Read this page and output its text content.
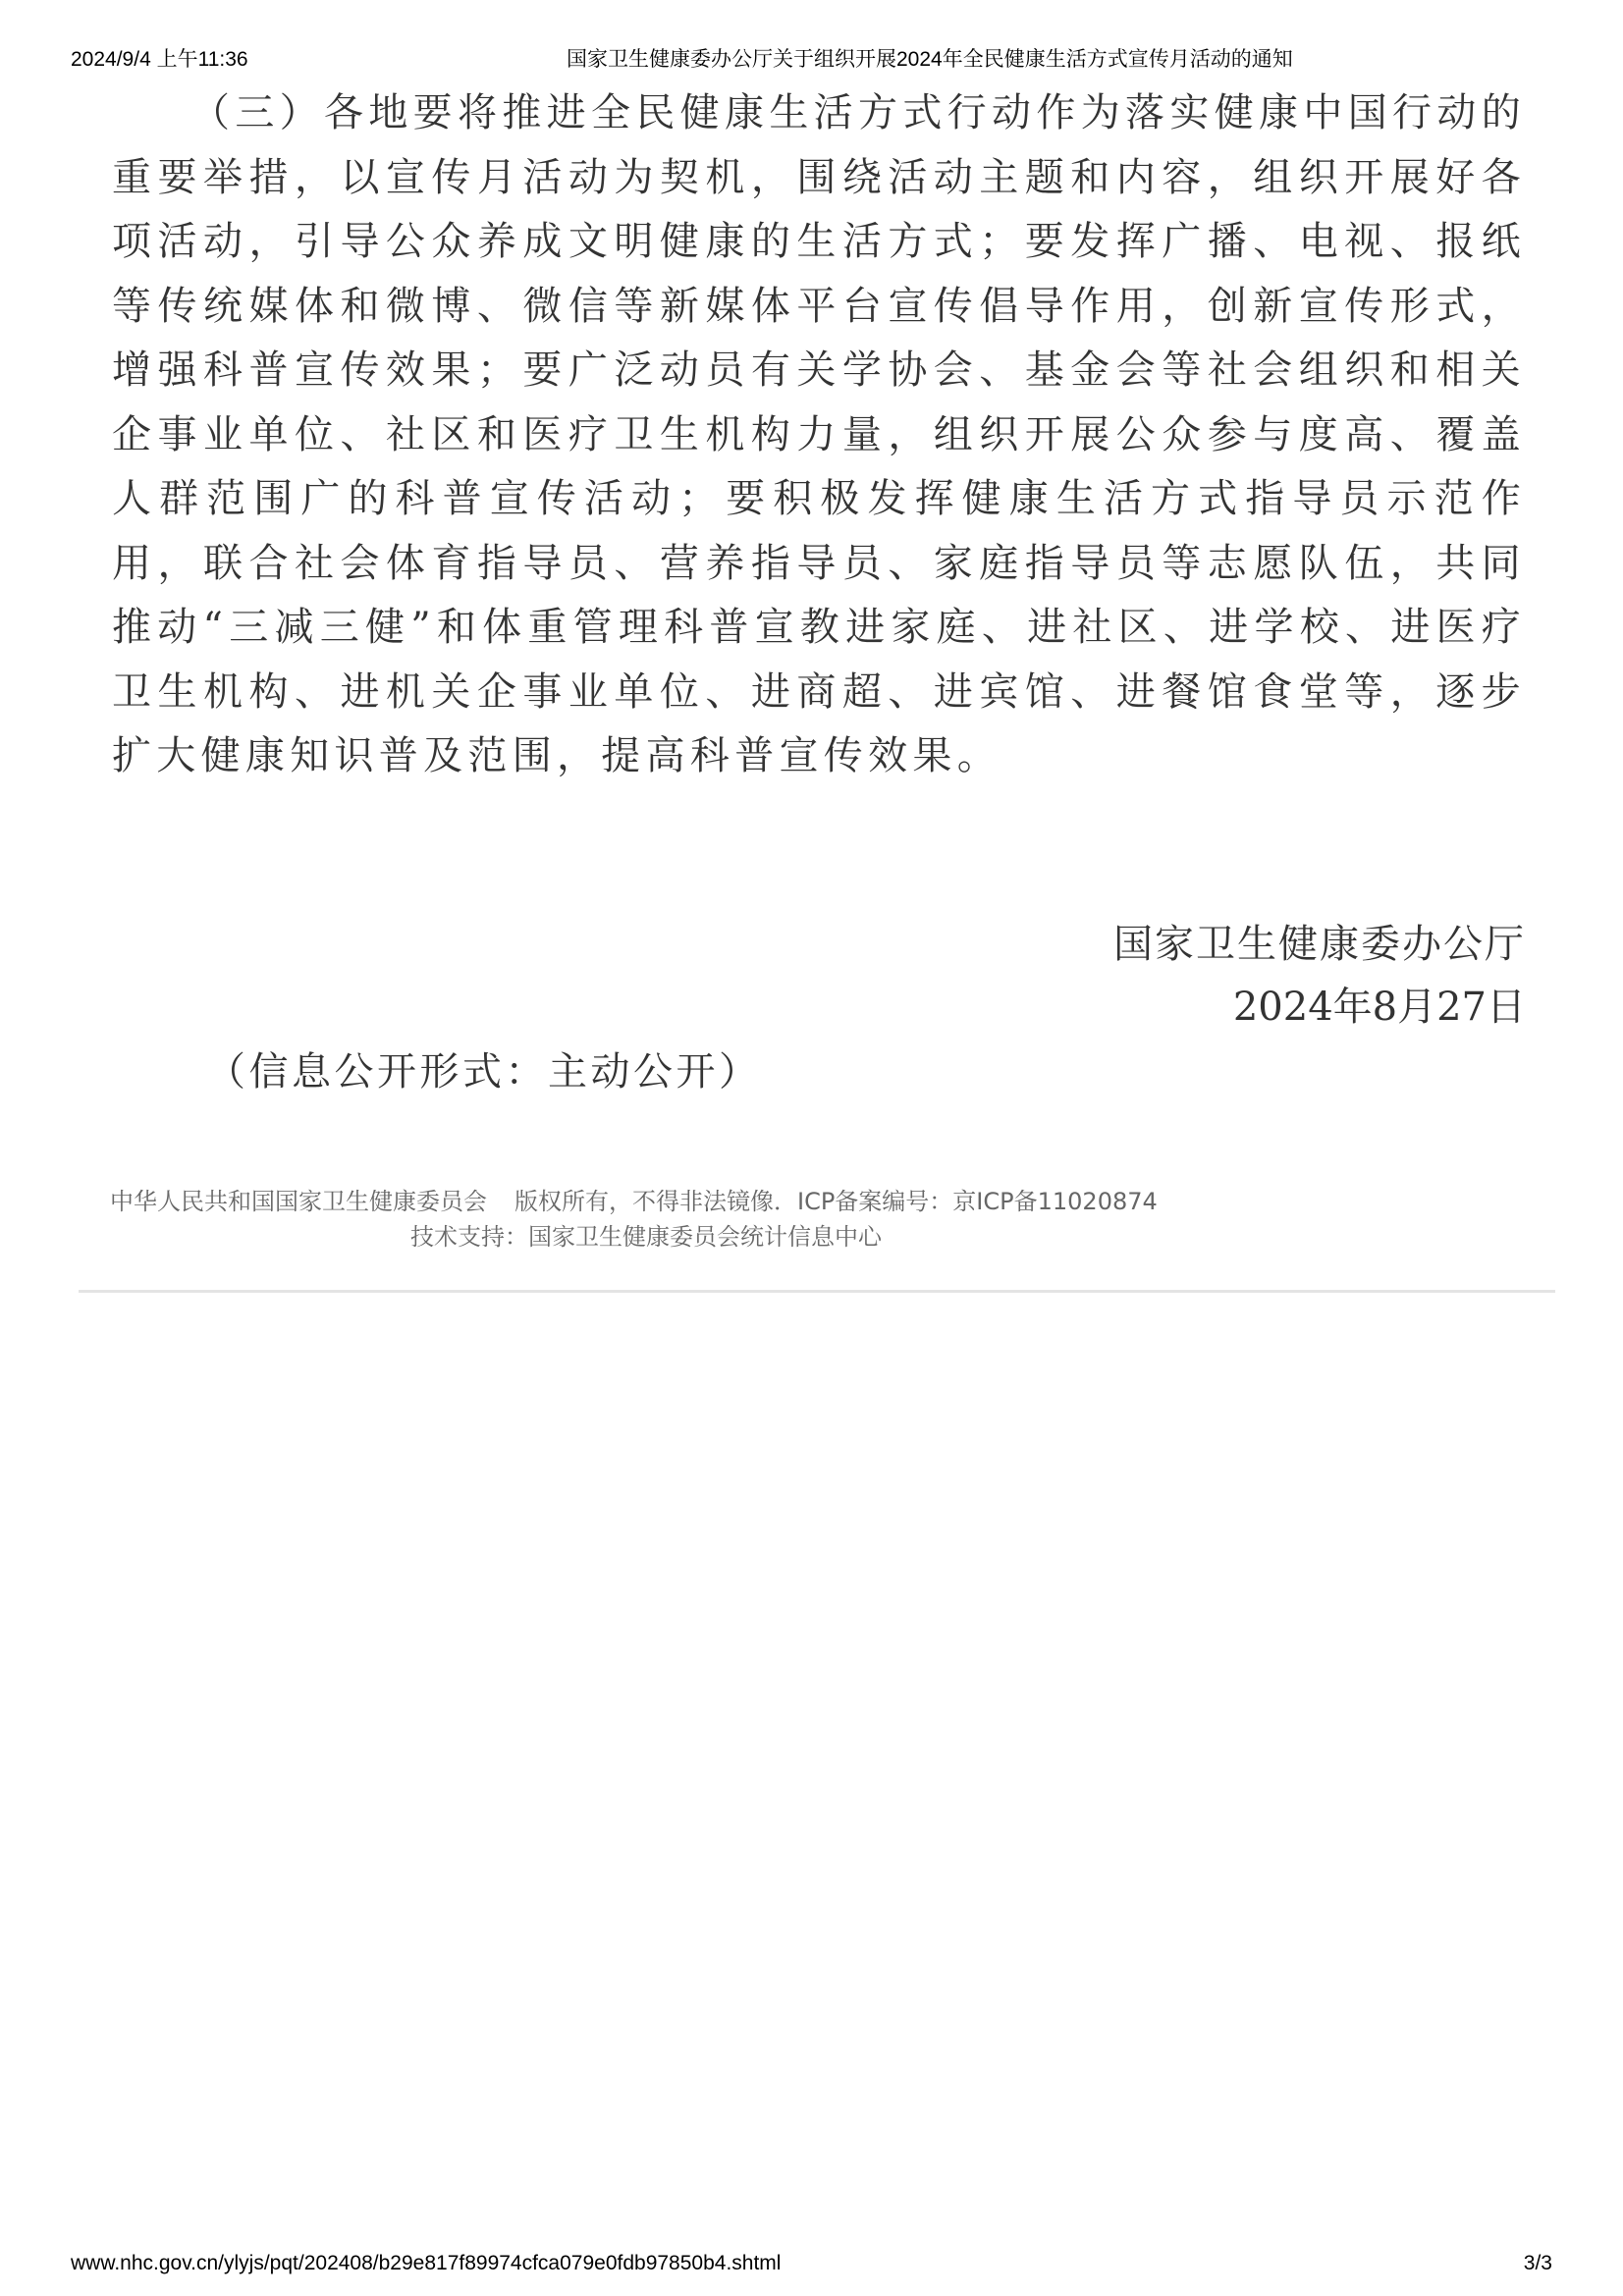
2024/9/4 上午11:36	国家卫生健康委办公厅关于组织开展2024年全民健康生活方式宣传月活动的通知

（三）各地要将推进全民健康生活方式行动作为落实健康中国行动的重要举措，以宣传月活动为契机，围绕活动主题和内容，组织开展好各项活动，引导公众养成文明健康的生活方式；要发挥广播、电视、报纸等传统媒体和微博、微信等新媒体平台宣传倡导作用，创新宣传形式，增强科普宣传效果；要广泛动员有关学协会、基金会等社会组织和相关企事业单位、社区和医疗卫生机构力量，组织开展公众参与度高、覆盖人群范围广的科普宣传活动；要积极发挥健康生活方式指导员示范作用，联合社会体育指导员、营养指导员、家庭指导员等志愿队伍，共同推动“三减三健”和体重管理科普宣教进家庭、进社区、进学校、进医疗卫生机构、进机关企事业单位、进商超、进宾馆、进餐馆食堂等，逐步扩大健康知识普及范围，提高科普宣传效果。

国家卫生健康委办公厅
2024年8月27日
（信息公开形式：主动公开）
中华人民共和国国家卫生健康委员会 版权所有，不得非法镜像．ICP备案编号：京ICP备11020874
技术支持：国家卫生健康委员会统计信息中心
www.nhc.gov.cn/ylyjs/pqt/202408/b29e817f89974cfca079e0fdb97850b4.shtml	3/3
